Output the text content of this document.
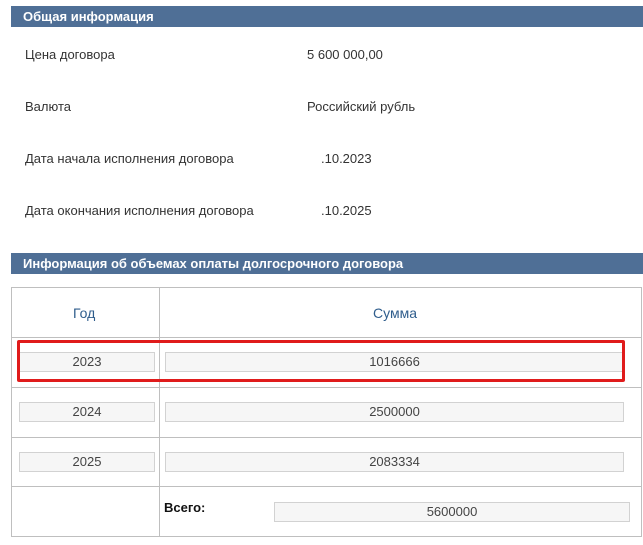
Общая информация
Цена договора	5 600 000,00
Валюта	Российский рубль
Дата начала исполнения договора	.10.2023
Дата окончания исполнения договора	.10.2025
Информация об объемах оплаты долгосрочного договора
Год	Сумма
2023	1016666
2024	2500000
2025	2083334
Всего:	5600000
